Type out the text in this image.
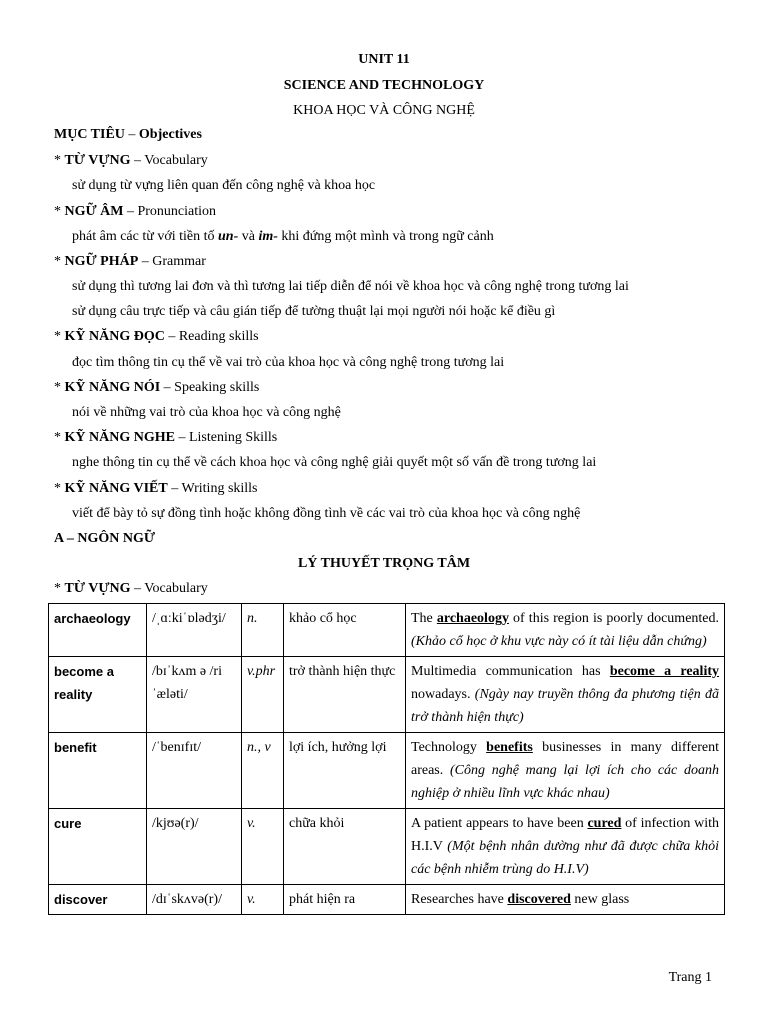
UNIT 11
SCIENCE AND TECHNOLOGY
KHOA HỌC VÀ CÔNG NGHỆ
MỤC TIÊU – Objectives
* TỪ VỰNG – Vocabulary
sử dụng từ vựng liên quan đến công nghệ và khoa học
* NGỮ ÂM – Pronunciation
phát âm các từ với tiền tố un- và im- khi đứng một mình và trong ngữ cảnh
* NGỮ PHÁP – Grammar
sử dụng thì tương lai đơn và thì tương lai tiếp diễn để nói về khoa học và công nghệ trong tương lai
sử dụng câu trực tiếp và câu gián tiếp để tường thuật lại mọi người nói hoặc kể điều gì
* KỸ NĂNG ĐỌC – Reading skills
đọc tìm thông tin cụ thể về vai trò của khoa học và công nghệ trong tương lai
* KỸ NĂNG NÓI – Speaking skills
nói về những vai trò của khoa học và công nghệ
* KỸ NĂNG NGHE – Listening Skills
nghe thông tin cụ thể về cách khoa học và công nghệ giải quyết một số vấn đề trong tương lai
* KỸ NĂNG VIẾT – Writing skills
viết để bày tỏ sự đồng tình hoặc không đồng tình về các vai trò của khoa học và công nghệ
A – NGÔN NGỮ
LÝ THUYẾT TRỌNG TÂM
* TỪ VỰNG – Vocabulary
archaeology	/ˌɑːkiˈɒlədʒi/	n.	khảo cổ học	The archaeology of this region is poorly documented. (Khảo cổ học ở khu vực này có ít tài liệu dẫn chứng)
become a reality	/bɪˈkʌm ə /riˈæləti/	v.phr	trở thành hiện thực	Multimedia communication has become a reality nowadays. (Ngày nay truyền thông đa phương tiện đã trở thành hiện thực)
benefit	/ˈbenɪfɪt/	n., v	lợi ích, hưởng lợi	Technology benefits businesses in many different areas. (Công nghệ mang lại lợi ích cho các doanh nghiệp ở nhiều lĩnh vực khác nhau)
cure	/kjʊə(r)/	v.	chữa khỏi	A patient appears to have been cured of infection with H.I.V (Một bệnh nhân dường như đã được chữa khỏi các bệnh nhiễm trùng do H.I.V)
discover	/dɪˈskʌvə(r)/	v.	phát hiện ra	Researches have discovered new glass
Trang 1
